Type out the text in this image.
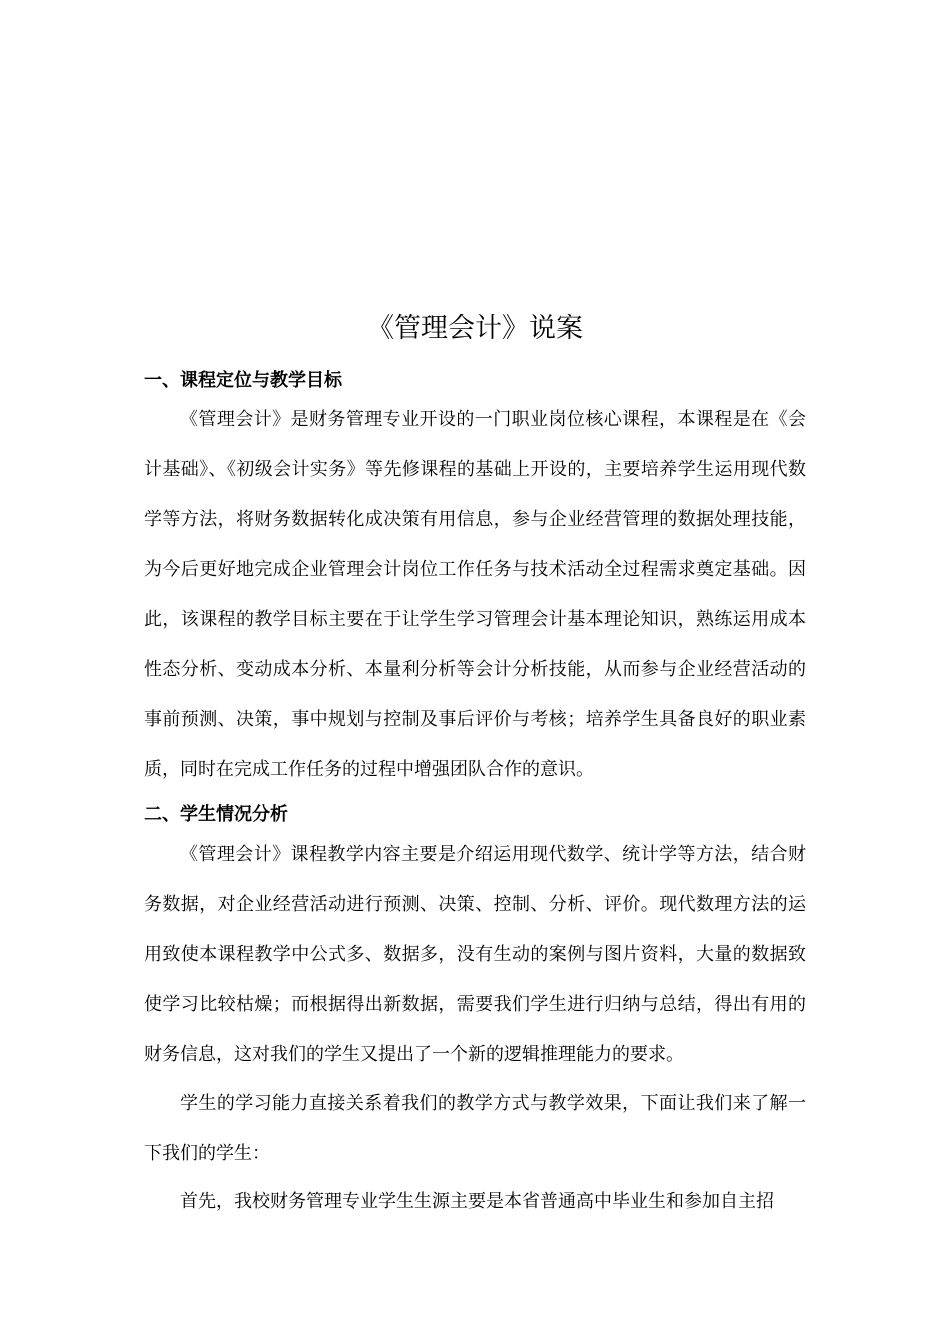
《管理会计》说案
一、课程定位与教学目标

《管理会计》是财务管理专业开设的一门职业岗位核心课程，本课程是在《会计基础》、《初级会计实务》等先修课程的基础上开设的，主要培养学生运用现代数学等方法，将财务数据转化成决策有用信息，参与企业经营管理的数据处理技能，为今后更好地完成企业管理会计岗位工作任务与技术活动全过程需求奠定基础。因此，该课程的教学目标主要在于让学生学习管理会计基本理论知识，熟练运用成本性态分析、变动成本分析、本量利分析等会计分析技能，从而参与企业经营活动的事前预测、决策，事中规划与控制及事后评价与考核；培养学生具备良好的职业素质，同时在完成工作任务的过程中增强团队合作的意识。

二、学生情况分析

《管理会计》课程教学内容主要是介绍运用现代数学、统计学等方法，结合财务数据，对企业经营活动进行预测、决策、控制、分析、评价。现代数理方法的运用致使本课程教学中公式多、数据多，没有生动的案例与图片资料，大量的数据致使学习比较枯燥；而根据得出新数据，需要我们学生进行归纳与总结，得出有用的财务信息，这对我们的学生又提出了一个新的逻辑推理能力的要求。

学生的学习能力直接关系着我们的教学方式与教学效果，下面让我们来了解一下我们的学生：

首先，我校财务管理专业学生生源主要是本省普通高中毕业生和参加自主招
